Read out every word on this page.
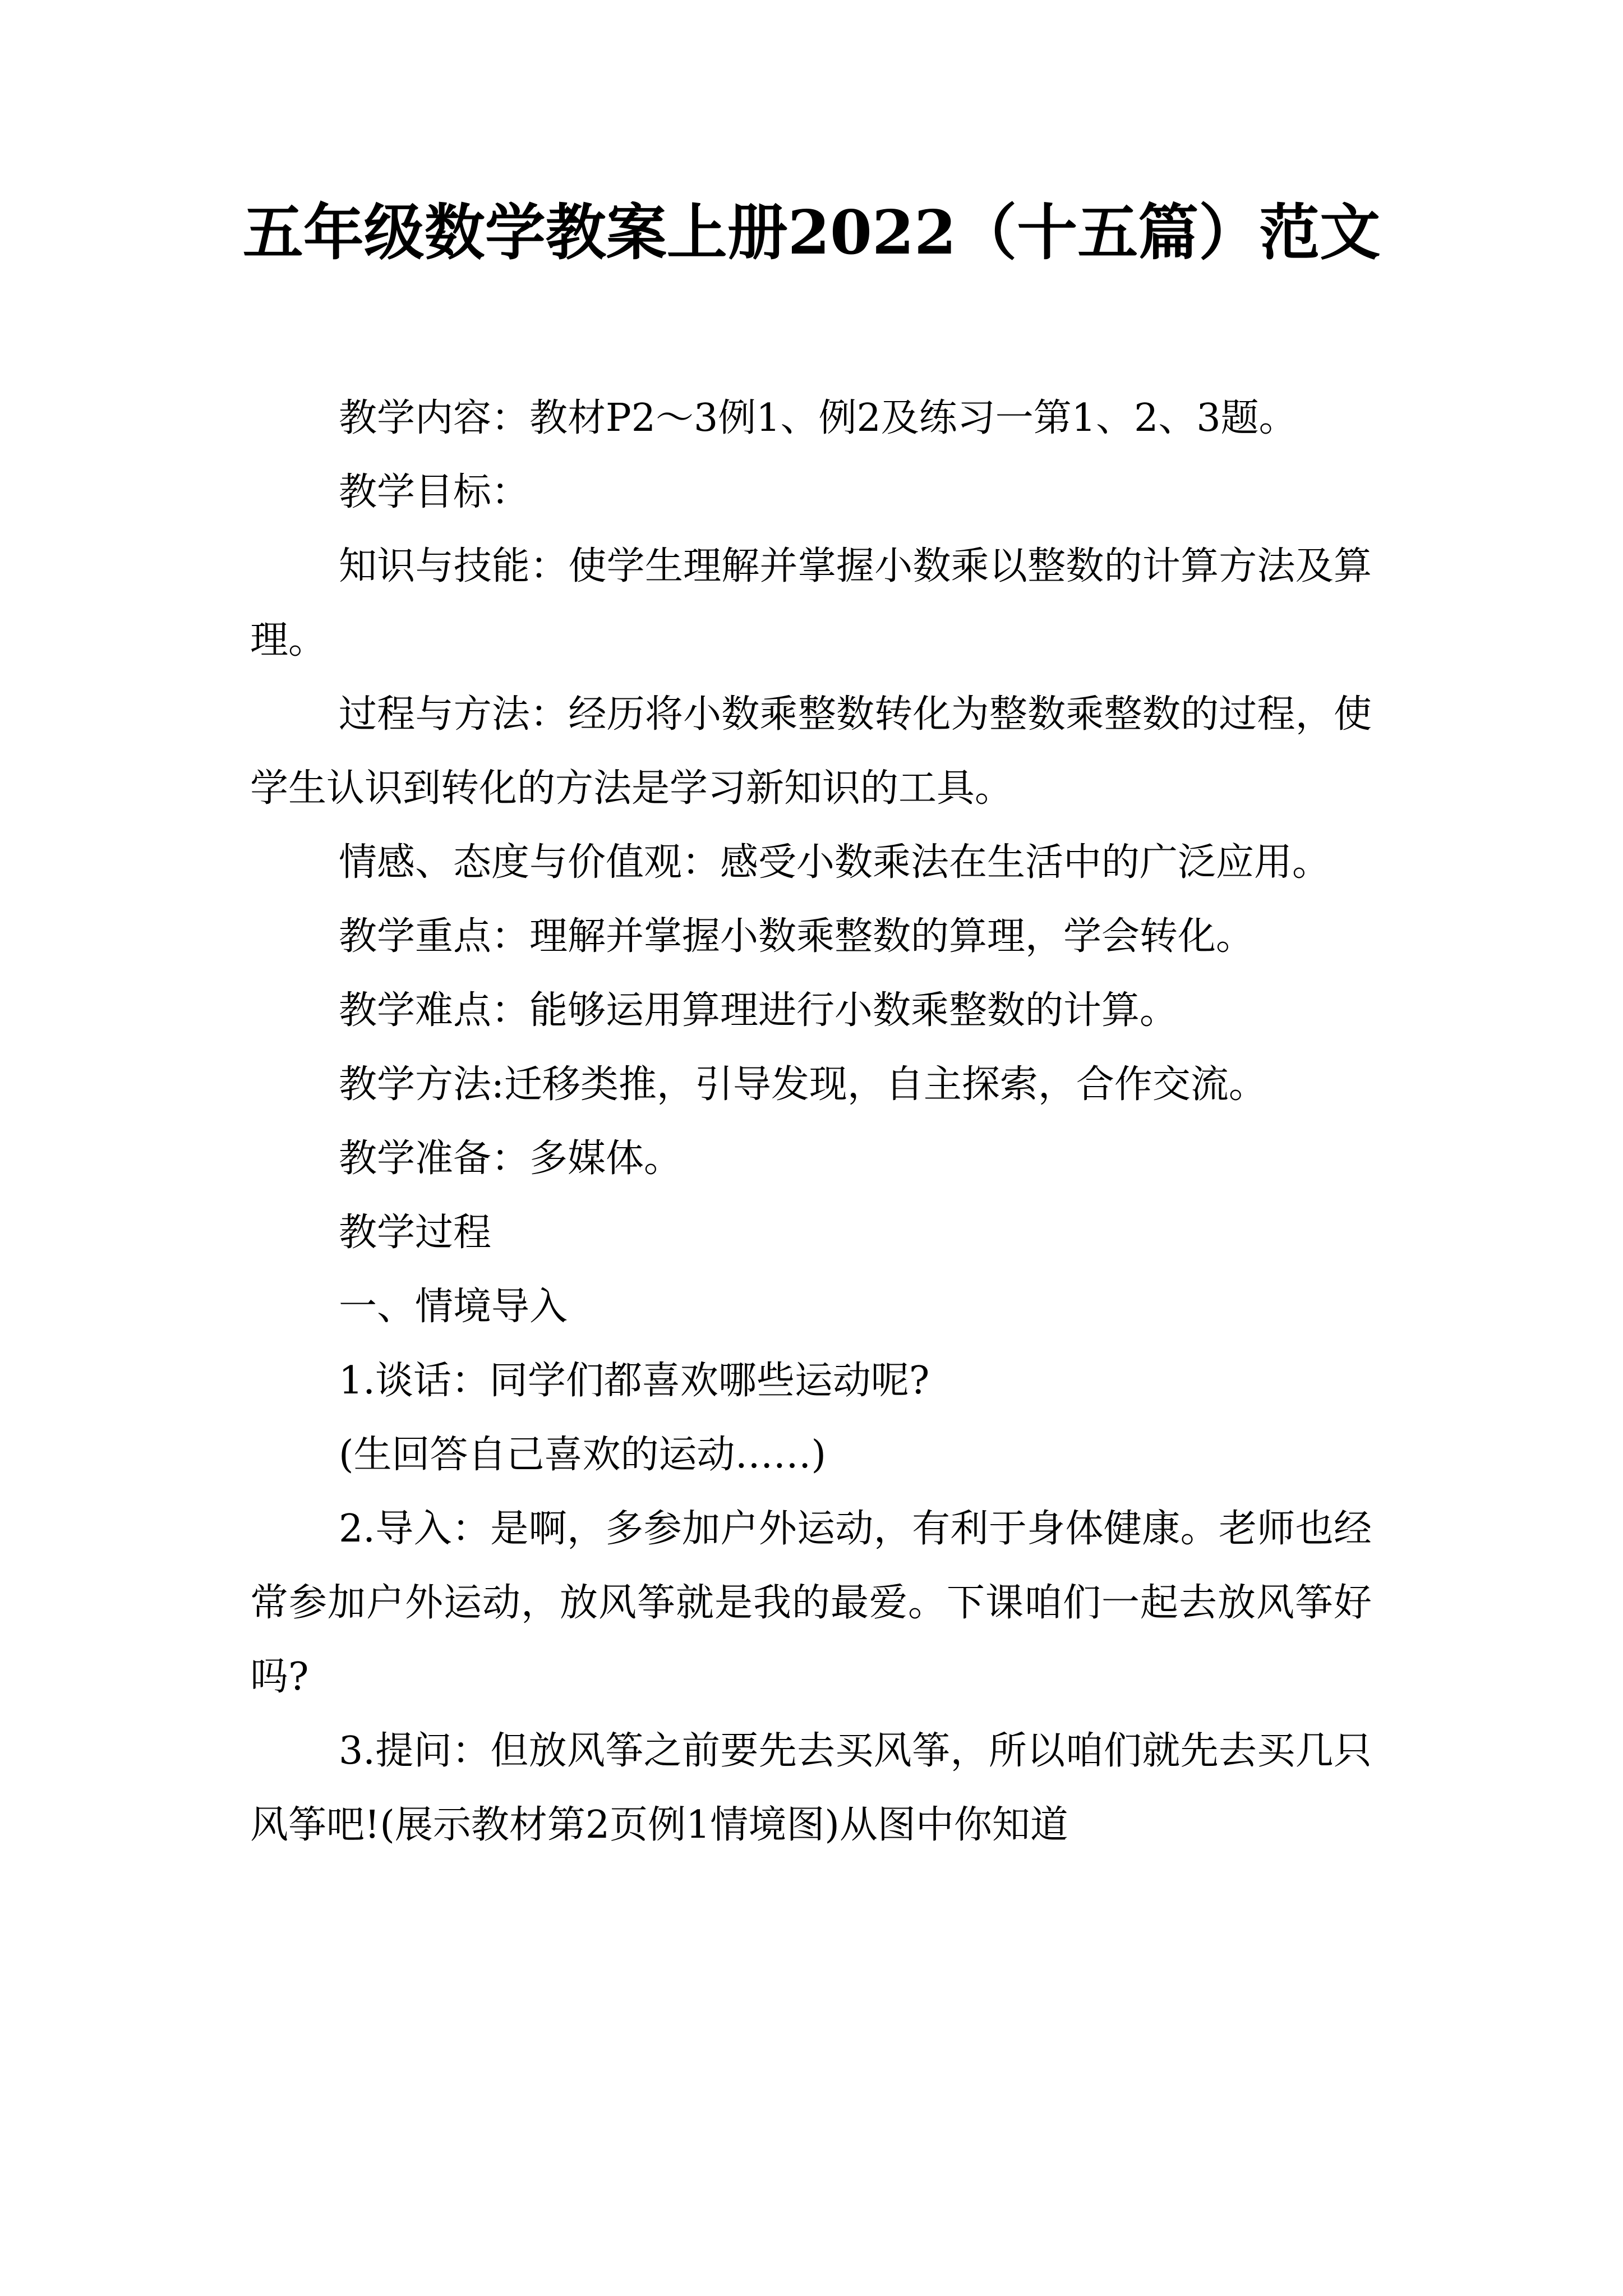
五年级数学教案上册2022（十五篇）范文

教学内容：教材P2～3例1、例2及练习一第1、2、3题。

教学目标：

知识与技能：使学生理解并掌握小数乘以整数的计算方法及算理。

过程与方法：经历将小数乘整数转化为整数乘整数的过程，使学生认识到转化的方法是学习新知识的工具。

情感、态度与价值观：感受小数乘法在生活中的广泛应用。

教学重点：理解并掌握小数乘整数的算理，学会转化。

教学难点：能够运用算理进行小数乘整数的计算。

教学方法:迁移类推，引导发现，自主探索，合作交流。

教学准备：多媒体。

教学过程

一、情境导入

1.谈话：同学们都喜欢哪些运动呢?

(生回答自己喜欢的运动……)

2.导入：是啊，多参加户外运动，有利于身体健康。老师也经常参加户外运动，放风筝就是我的最爱。下课咱们一起去放风筝好吗?

3.提问：但放风筝之前要先去买风筝，所以咱们就先去买几只风筝吧!(展示教材第2页例1情境图)从图中你知道
